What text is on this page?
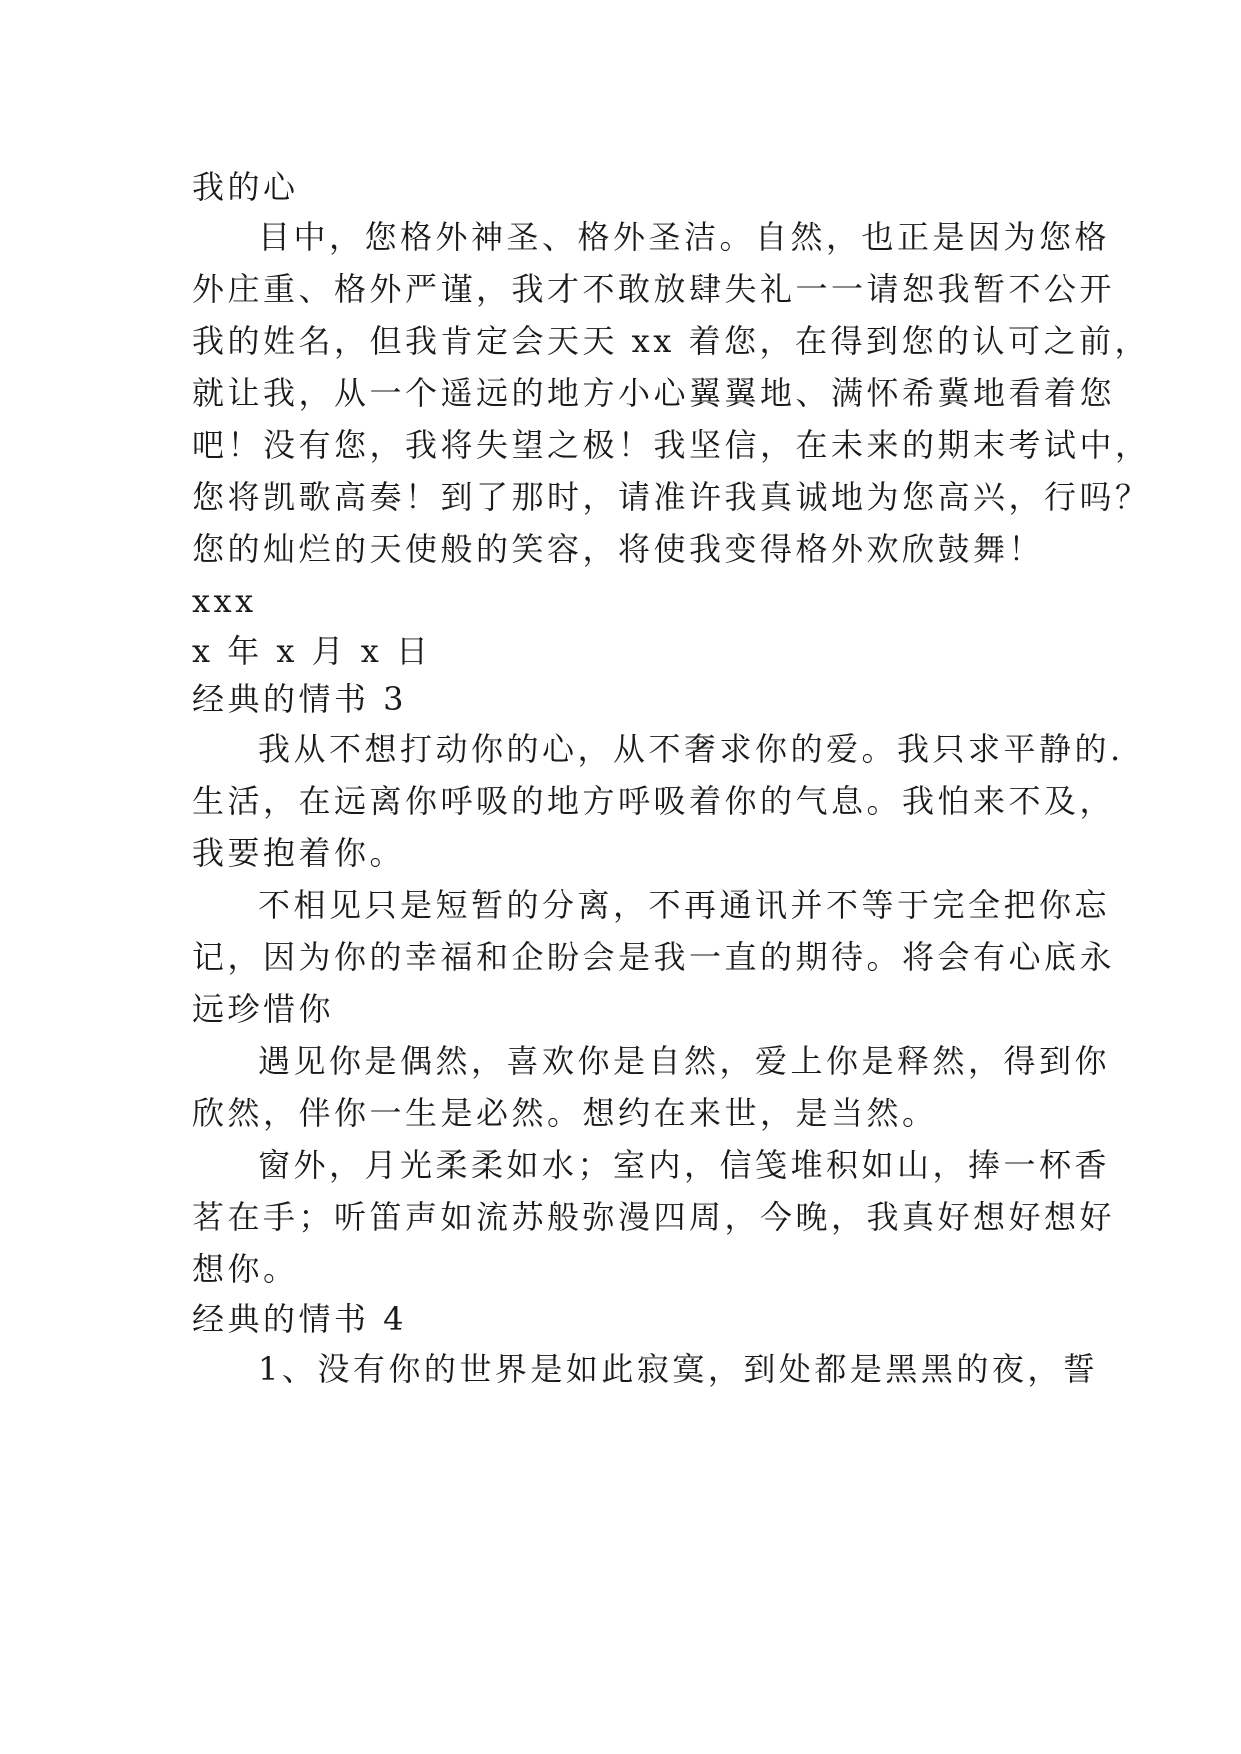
我的心
目中，您格外神圣、格外圣洁。自然，也正是因为您格
外庄重、格外严谨，我才不敢放肆失礼一一请恕我暂不公开
我的姓名，但我肯定会天天 xx 着您，在得到您的认可之前，
就让我，从一个遥远的地方小心翼翼地、满怀希冀地看着您
吧！没有您，我将失望之极！我坚信，在未来的期末考试中，
您将凯歌高奏！到了那时，请准许我真诚地为您高兴，行吗？
您的灿烂的天使般的笑容，将使我变得格外欢欣鼓舞！
xxx
x 年 x 月 x 日
经典的情书 3
我从不想打动你的心，从不奢求你的爱。我只求平静的.
生活，在远离你呼吸的地方呼吸着你的气息。我怕来不及，
我要抱着你。
不相见只是短暂的分离，不再通讯并不等于完全把你忘
记，因为你的幸福和企盼会是我一直的期待。将会有心底永
远珍惜你
遇见你是偶然，喜欢你是自然，爱上你是释然，得到你
欣然，伴你一生是必然。想约在来世，是当然。
窗外，月光柔柔如水；室内，信笺堆积如山，捧一杯香
茗在手；听笛声如流苏般弥漫四周，今晚，我真好想好想好
想你。
经典的情书 4
1、没有你的世界是如此寂寞，到处都是黑黑的夜，誓
